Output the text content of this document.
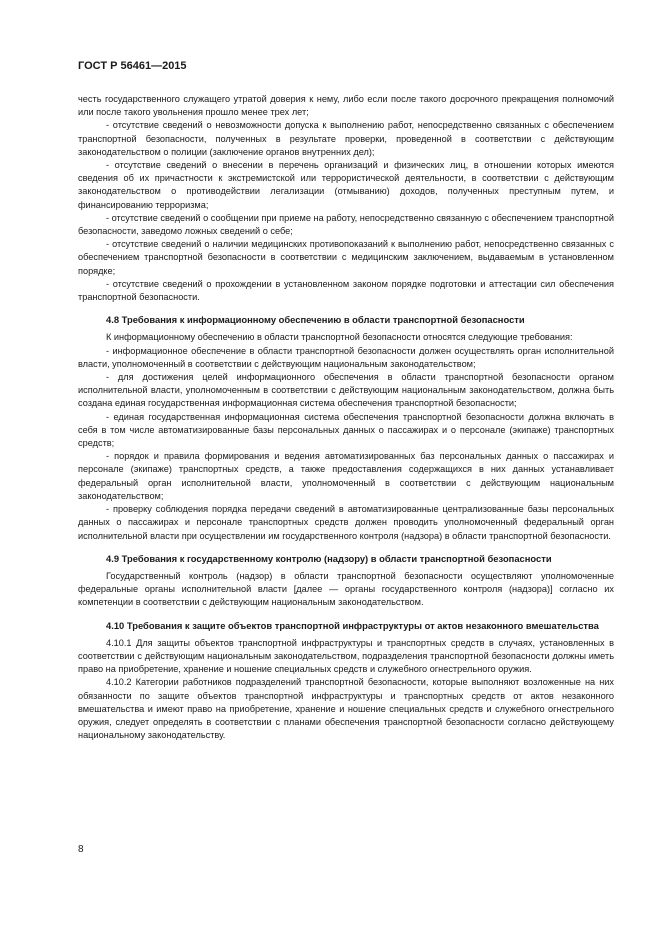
ГОСТ Р 56461—2015

честь государственного служащего утратой доверия к нему, либо если после такого досрочного прекращения полномочий или после такого увольнения прошло менее трех лет;

- отсутствие сведений о невозможности допуска к выполнению работ, непосредственно связанных с обеспечением транспортной безопасности, полученных в результате проверки, проведенной в соответствии с действующим законодательством о полиции (заключение органов внутренних дел);

- отсутствие сведений о внесении в перечень организаций и физических лиц, в отношении которых имеются сведения об их причастности к экстремистской или террористической деятельности, в соответствии с действующим законодательством о противодействии легализации (отмыванию) доходов, полученных преступным путем, и финансированию терроризма;

- отсутствие сведений о сообщении при приеме на работу, непосредственно связанную с обеспечением транспортной безопасности, заведомо ложных сведений о себе;

- отсутствие сведений о наличии медицинских противопоказаний к выполнению работ, непосредственно связанных с обеспечением транспортной безопасности в соответствии с медицинским заключением, выдаваемым в установленном порядке;

- отсутствие сведений о прохождении в установленном законом порядке подготовки и аттестации сил обеспечения транспортной безопасности.

4.8 Требования к информационному обеспечению в области транспортной безопасности

К информационному обеспечению в области транспортной безопасности относятся следующие требования:

- информационное обеспечение в области транспортной безопасности должен осуществлять орган исполнительной власти, уполномоченный в соответствии с действующим национальным законодательством;

- для достижения целей информационного обеспечения в области транспортной безопасности органом исполнительной власти, уполномоченным в соответствии с действующим национальным законодательством, должна быть создана единая государственная информационная система обеспечения транспортной безопасности;

- единая государственная информационная система обеспечения транспортной безопасности должна включать в себя в том числе автоматизированные базы персональных данных о пассажирах и о персонале (экипаже) транспортных средств;

- порядок и правила формирования и ведения автоматизированных баз персональных данных о пассажирах и персонале (экипаже) транспортных средств, а также предоставления содержащихся в них данных устанавливает федеральный орган исполнительной власти, уполномоченный в соответствии с действующим национальным законодательством;

- проверку соблюдения порядка передачи сведений в автоматизированные централизованные базы персональных данных о пассажирах и персонале транспортных средств должен проводить уполномоченный федеральный орган исполнительной власти при осуществлении им государственного контроля (надзора) в области транспортной безопасности.

4.9 Требования к государственному контролю (надзору) в области транспортной безопасности

Государственный контроль (надзор) в области транспортной безопасности осуществляют уполномоченные федеральные органы исполнительной власти [далее — органы государственного контроля (надзора)] согласно их компетенции в соответствии с действующим национальным законодательством.

4.10 Требования к защите объектов транспортной инфраструктуры от актов незаконного вмешательства

4.10.1 Для защиты объектов транспортной инфраструктуры и транспортных средств в случаях, установленных в соответствии с действующим национальным законодательством, подразделения транспортной безопасности должны иметь право на приобретение, хранение и ношение специальных средств и служебного огнестрельного оружия.

4.10.2 Категории работников подразделений транспортной безопасности, которые выполняют возложенные на них обязанности по защите объектов транспортной инфраструктуры и транспортных средств от актов незаконного вмешательства и имеют право на приобретение, хранение и ношение специальных средств и служебного огнестрельного оружия, следует определять в соответствии с планами обеспечения транспортной безопасности согласно действующему национальному законодательству.

8
